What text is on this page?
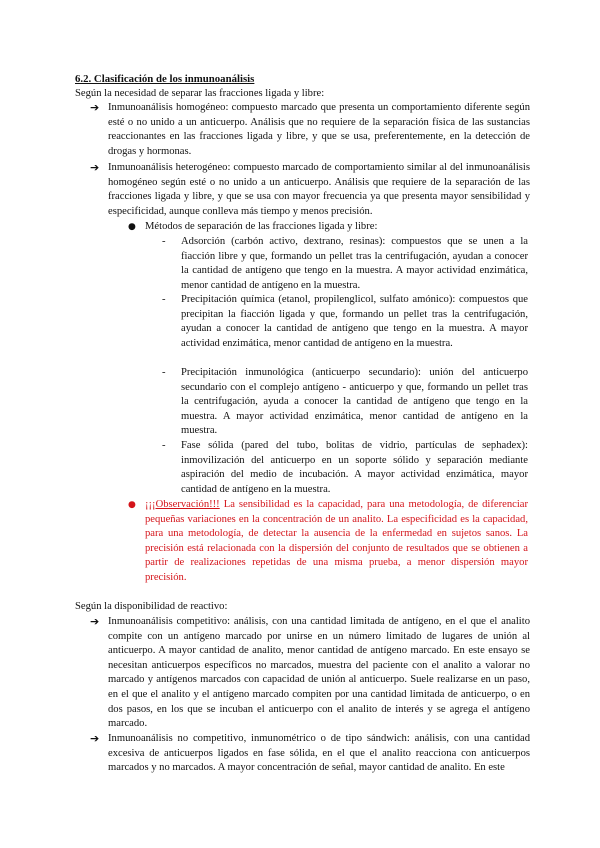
6.2. Clasificación de los inmunoanálisis
Según la necesidad de separar las fracciones ligada y libre:
➔ Inmunoanálisis homogéneo: compuesto marcado que presenta un comportamiento diferente según esté o no unido a un anticuerpo. Análisis que no requiere de la separación física de las sustancias reaccionantes en las fracciones ligada y libre, y que se usa, preferentemente, en la detección de drogas y hormonas.
➔ Inmunoanálisis heterogéneo: compuesto marcado de comportamiento similar al del inmunoanálisis homogéneo según esté o no unido a un anticuerpo. Análisis que requiere de la separación de las fracciones ligada y libre, y que se usa con mayor frecuencia ya que presenta mayor sensibilidad y especificidad, aunque conlleva más tiempo y menos precisión.
● Métodos de separación de las fracciones ligada y libre:
- Adsorción (carbón activo, dextrano, resinas): compuestos que se unen a la fiacción libre y que, formando un pellet tras la centrifugación, ayudan a conocer la cantidad de antígeno que tengo en la muestra. A mayor actividad enzimática, menor cantidad de antígeno en la muestra.
- Precipitación química (etanol, propilenglicol, sulfato amónico): compuestos que precipitan la fiacción ligada y que, formando un pellet tras la centrifugación, ayudan a conocer la cantidad de antígeno que tengo en la muestra. A mayor actividad enzimática, menor cantidad de antígeno en la muestra.
- Precipitación inmunológica (anticuerpo secundario): unión del anticuerpo secundario con el complejo antígeno - anticuerpo y que, formando un pellet tras la centrifugación, ayuda a conocer la cantidad de antígeno que tengo en la muestra. A mayor actividad enzimática, menor cantidad de antígeno en la muestra.
- Fase sólida (pared del tubo, bolitas de vidrio, partículas de sephadex): inmovilización del anticuerpo en un soporte sólido y separación mediante aspiración del medio de incubación. A mayor actividad enzimática, mayor cantidad de antígeno en la muestra.
● ¡¡¡Observación!!! La sensibilidad es la capacidad, para una metodología, de diferenciar pequeñas variaciones en la concentración de un analito. La especificidad es la capacidad, para una metodología, de detectar la ausencia de la enfermedad en sujetos sanos. La precisión está relacionada con la dispersión del conjunto de resultados que se obtienen a partir de realizaciones repetidas de una misma prueba, a menor dispersión mayor precisión.
Según la disponibilidad de reactivo:
➔ Inmunoanálisis competitivo: análisis, con una cantidad limitada de antígeno, en el que el analito compite con un antígeno marcado por unirse en un número limitado de lugares de unión al anticuerpo. A mayor cantidad de analito, menor cantidad de antígeno marcado. En este ensayo se necesitan anticuerpos específicos no marcados, muestra del paciente con el analito a valorar no marcado y antígenos marcados con capacidad de unión al anticuerpo. Suele realizarse en un paso, en el que el analito y el antígeno marcado compiten por una cantidad limitada de anticuerpo, o en dos pasos, en los que se incuban el anticuerpo con el analito de interés y se agrega el antígeno marcado.
➔ Inmunoanálisis no competitivo, inmunométrico o de tipo sándwich: análisis, con una cantidad excesiva de anticuerpos ligados en fase sólida, en el que el analito reacciona con anticuerpos marcados y no marcados. A mayor concentración de señal, mayor cantidad de analito. En este
